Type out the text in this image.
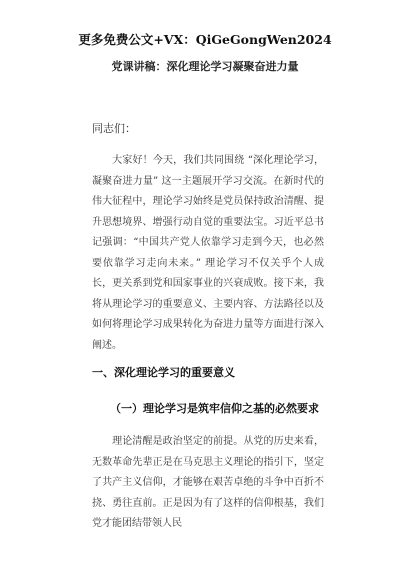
更多免费公文+VX：QiGeGongWen2024
党课讲稿：深化理论学习凝聚奋进力量
同志们：

大家好！今天，我们共同围绕 “深化理论学习，凝聚奋进力量” 这一主题展开学习交流。在新时代的伟大征程中，理论学习始终是党员保持政治清醒、提升思想境界、增强行动自觉的重要法宝。习近平总书记强调：“中国共产党人依靠学习走到今天，也必然要依靠学习走向未来。” 理论学习不仅关乎个人成长，更关系到党和国家事业的兴衰成败。接下来，我将从理论学习的重要意义、主要内容、方法路径以及如何将理论学习成果转化为奋进力量等方面进行深入阐述。

一、深化理论学习的重要意义
（一）理论学习是筑牢信仰之基的必然要求

理论清醒是政治坚定的前提。从党的历史来看，无数革命先辈正是在马克思主义理论的指引下，坚定了共产主义信仰，才能够在艰苦卓绝的斗争中百折不挠、勇往直前。正是因为有了这样的信仰根基，我们党才能团结带领人民
